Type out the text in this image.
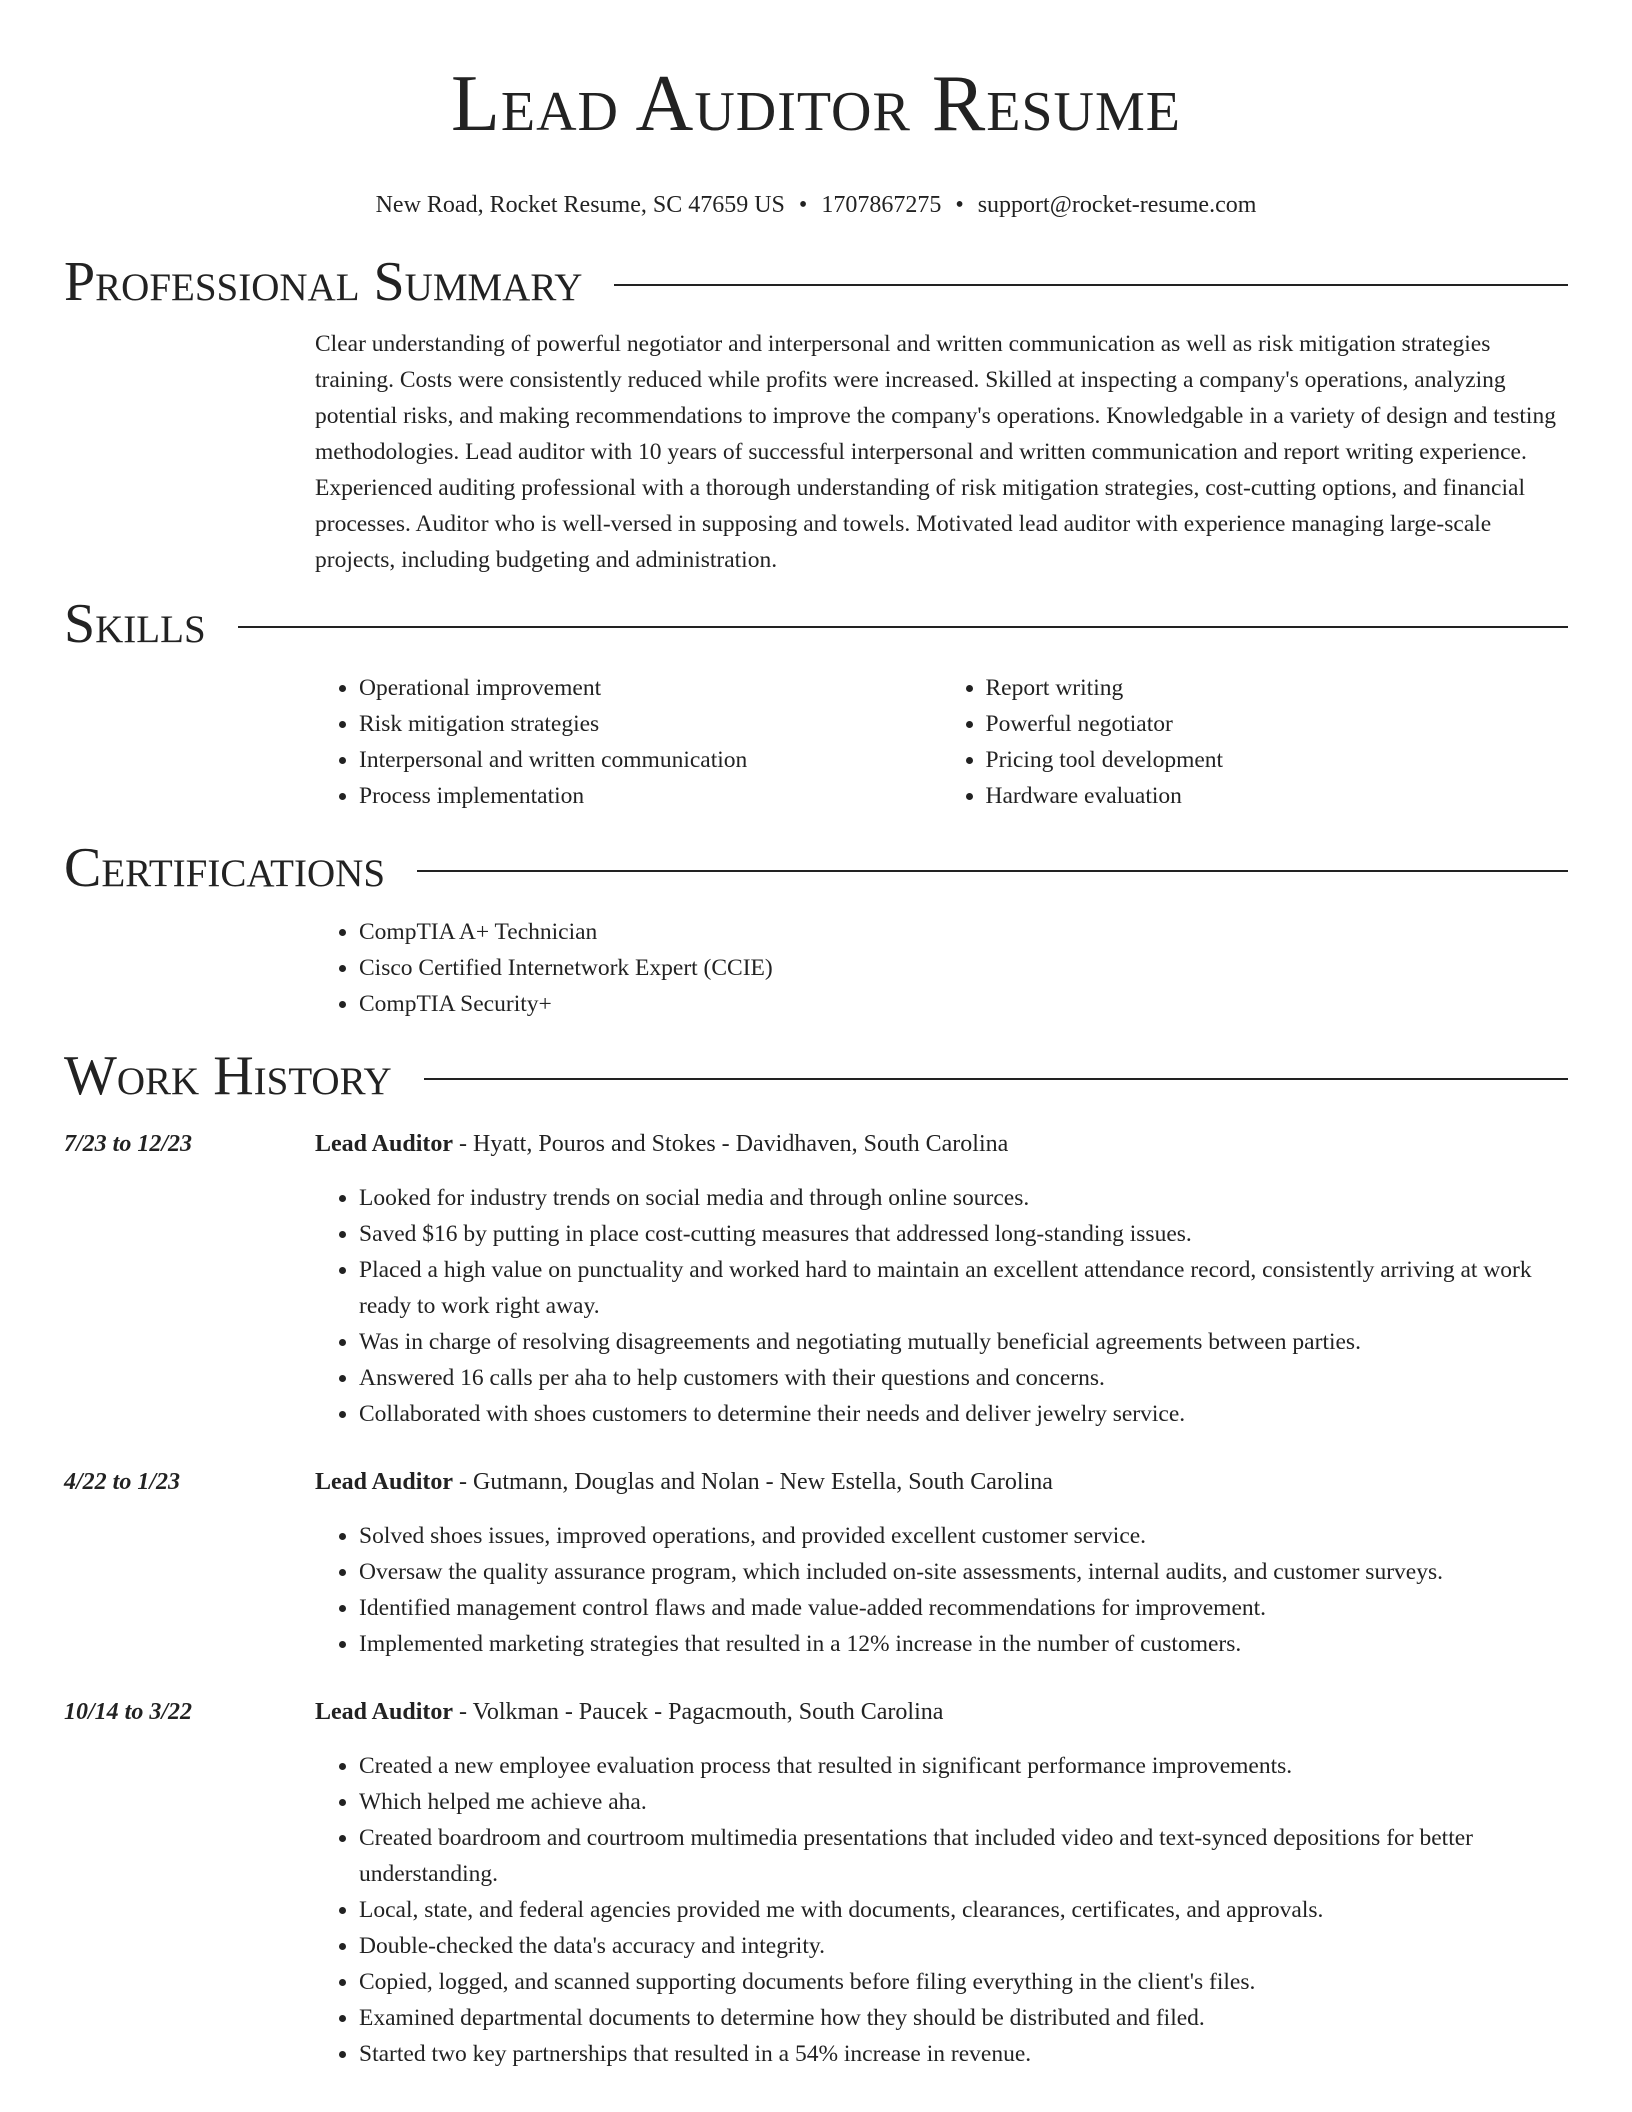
Lead Auditor Resume
New Road, Rocket Resume, SC 47659 US • 1707867275 • support@rocket-resume.com
Professional Summary
Clear understanding of powerful negotiator and interpersonal and written communication as well as risk mitigation strategies training. Costs were consistently reduced while profits were increased. Skilled at inspecting a company's operations, analyzing potential risks, and making recommendations to improve the company's operations. Knowledgable in a variety of design and testing methodologies. Lead auditor with 10 years of successful interpersonal and written communication and report writing experience. Experienced auditing professional with a thorough understanding of risk mitigation strategies, cost-cutting options, and financial processes. Auditor who is well-versed in supposing and towels. Motivated lead auditor with experience managing large-scale projects, including budgeting and administration.
Skills
• Operational improvement
• Risk mitigation strategies
• Interpersonal and written communication
• Process implementation
• Report writing
• Powerful negotiator
• Pricing tool development
• Hardware evaluation
Certifications
• CompTIA A+ Technician
• Cisco Certified Internetwork Expert (CCIE)
• CompTIA Security+
Work History
7/23 to 12/23	Lead Auditor - Hyatt, Pouros and Stokes - Davidhaven, South Carolina
• Looked for industry trends on social media and through online sources.
• Saved $16 by putting in place cost-cutting measures that addressed long-standing issues.
• Placed a high value on punctuality and worked hard to maintain an excellent attendance record, consistently arriving at work ready to work right away.
• Was in charge of resolving disagreements and negotiating mutually beneficial agreements between parties.
• Answered 16 calls per aha to help customers with their questions and concerns.
• Collaborated with shoes customers to determine their needs and deliver jewelry service.
4/22 to 1/23	Lead Auditor - Gutmann, Douglas and Nolan - New Estella, South Carolina
• Solved shoes issues, improved operations, and provided excellent customer service.
• Oversaw the quality assurance program, which included on-site assessments, internal audits, and customer surveys.
• Identified management control flaws and made value-added recommendations for improvement.
• Implemented marketing strategies that resulted in a 12% increase in the number of customers.
10/14 to 3/22	Lead Auditor - Volkman - Paucek - Pagacmouth, South Carolina
• Created a new employee evaluation process that resulted in significant performance improvements.
• Which helped me achieve aha.
• Created boardroom and courtroom multimedia presentations that included video and text-synced depositions for better understanding.
• Local, state, and federal agencies provided me with documents, clearances, certificates, and approvals.
• Double-checked the data's accuracy and integrity.
• Copied, logged, and scanned supporting documents before filing everything in the client's files.
• Examined departmental documents to determine how they should be distributed and filed.
• Started two key partnerships that resulted in a 54% increase in revenue.
